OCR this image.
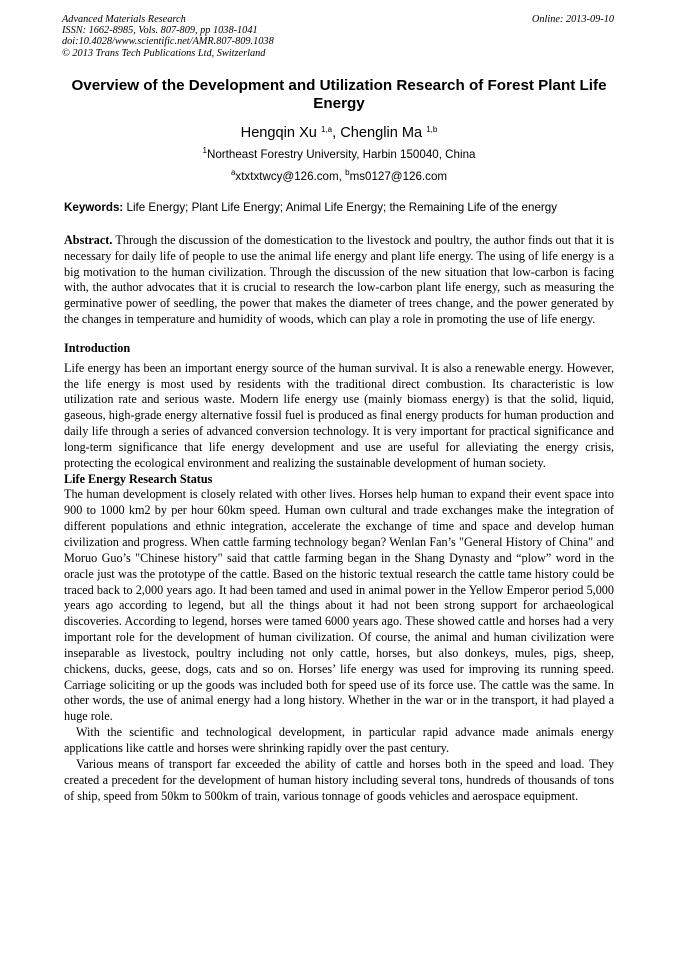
Advanced Materials Research
ISSN: 1662-8985, Vols. 807-809, pp 1038-1041
doi:10.4028/www.scientific.net/AMR.807-809.1038
© 2013 Trans Tech Publications Ltd, Switzerland
Online: 2013-09-10
Overview of the Development and Utilization Research of Forest Plant Life Energy
Hengqin Xu $^{1,a}$, Chenglin Ma $^{1,b}$
$^1$Northeast Forestry University, Harbin 150040, China
$^a$xtxtxtwcy@126.com, $^b$ms0127@126.com
Keywords: Life Energy; Plant Life Energy; Animal Life Energy; the Remaining Life of the energy

Abstract. Through the discussion of the domestication to the livestock and poultry, the author finds out that it is necessary for daily life of people to use the animal life energy and plant life energy. The using of life energy is a big motivation to the human civilization. Through the discussion of the new situation that low-carbon is facing with, the author advocates that it is crucial to research the low-carbon plant life energy, such as measuring the germinative power of seedling, the power that makes the diameter of trees change, and the power generated by the changes in temperature and humidity of woods, which can play a role in promoting the use of life energy.

Introduction

Life energy has been an important energy source of the human survival. It is also a renewable energy. However, the life energy is most used by residents with the traditional direct combustion. Its characteristic is low utilization rate and serious waste. Modern life energy use (mainly biomass energy) is that the solid, liquid, gaseous, high-grade energy alternative fossil fuel is produced as final energy products for human production and daily life through a series of advanced conversion technology. It is very important for practical significance and long-term significance that life energy development and use are useful for alleviating the energy crisis, protecting the ecological environment and realizing the sustainable development of human society.

Life Energy Research Status

The human development is closely related with other lives. Horses help human to expand their event space into 900 to 1000 km2 by per hour 60km speed. Human own cultural and trade exchanges make the integration of different populations and ethnic integration, accelerate the exchange of time and space and develop human civilization and progress. When cattle farming technology began? Wenlan Fan’s "General History of China" and Moruo Guo’s "Chinese history" said that cattle farming began in the Shang Dynasty and “plow” word in the oracle just was the prototype of the cattle. Based on the historic textual research the cattle tame history could be traced back to 2,000 years ago. It had been tamed and used in animal power in the Yellow Emperor period 5,000 years ago according to legend, but all the things about it had not been strong support for archaeological discoveries. According to legend, horses were tamed 6000 years ago. These showed cattle and horses had a very important role for the development of human civilization. Of course, the animal and human civilization were inseparable as livestock, poultry including not only cattle, horses, but also donkeys, mules, pigs, sheep, chickens, ducks, geese, dogs, cats and so on. Horses’ life energy was used for improving its running speed. Carriage soliciting or up the goods was included both for speed use of its force use. The cattle was the same. In other words, the use of animal energy had a long history. Whether in the war or in the transport, it had played a huge role.

With the scientific and technological development, in particular rapid advance made animals energy applications like cattle and horses were shrinking rapidly over the past century.

Various means of transport far exceeded the ability of cattle and horses both in the speed and load. They created a precedent for the development of human history including several tons, hundreds of thousands of tons of ship, speed from 50km to 500km of train, various tonnage of goods vehicles and aerospace equipment.
